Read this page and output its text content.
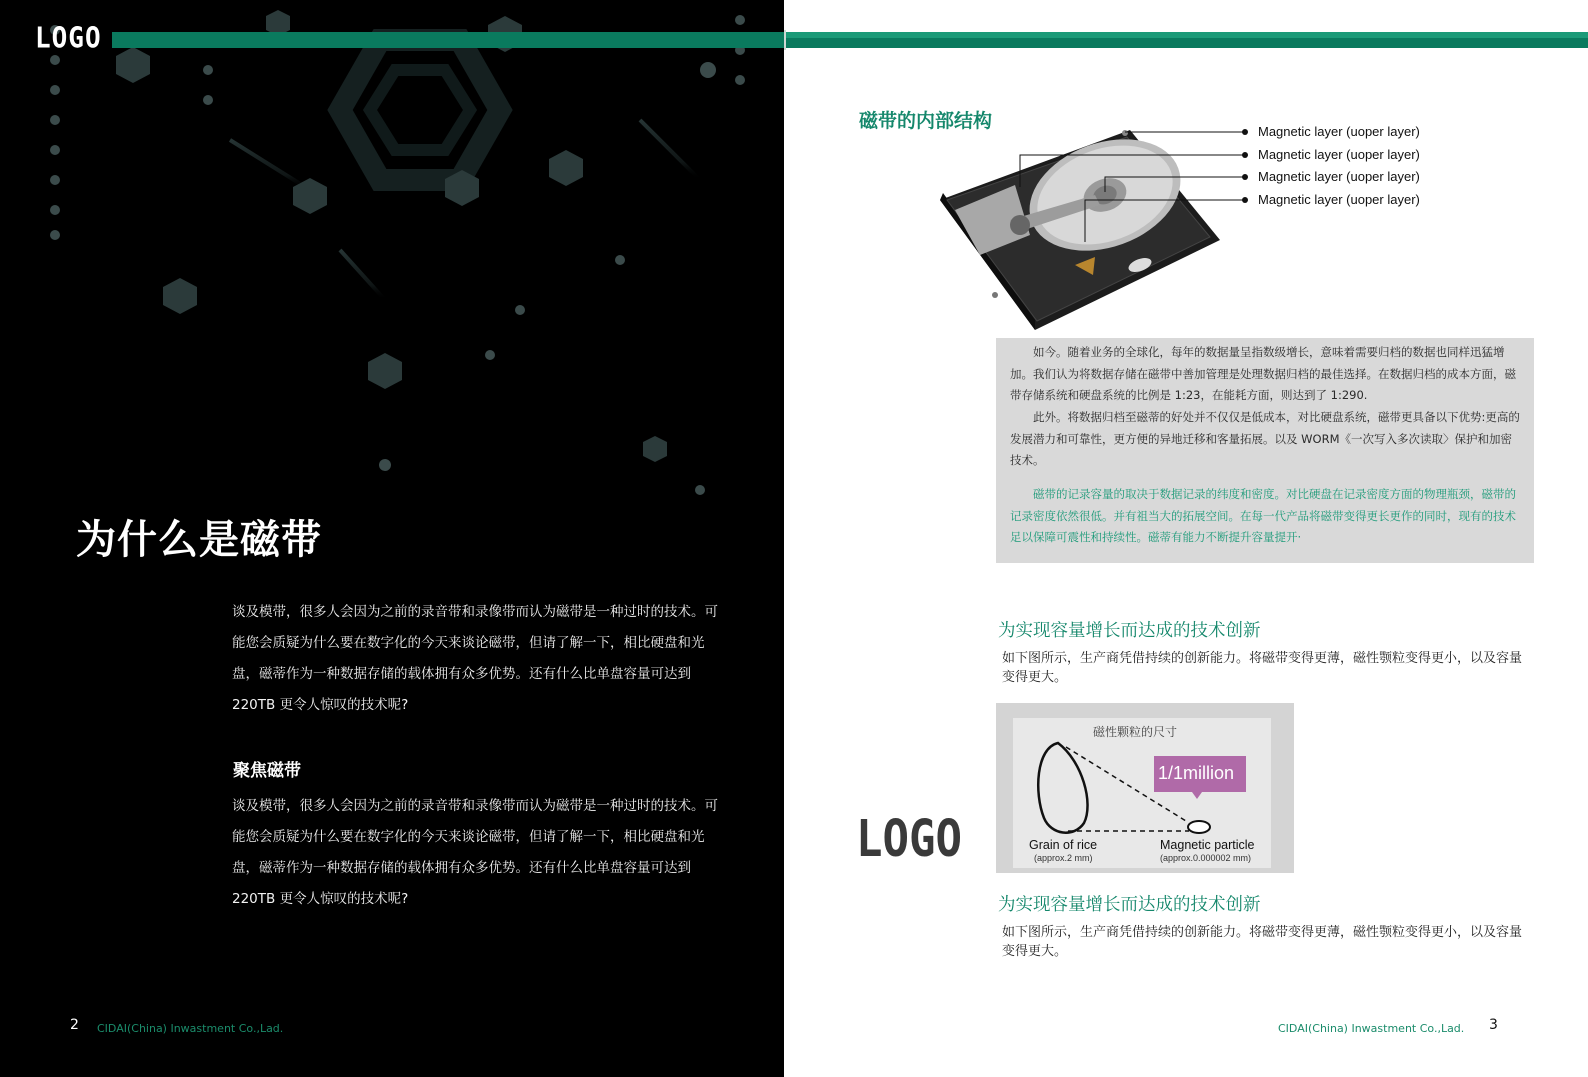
LOGO
为什么是磁带
谈及模带，很多人会因为之前的录音带和录像带而认为磁带是一种过时的技术。可能您会质疑为什么要在数字化的今天来谈论磁带，但请了解一下，相比硬盘和光盘，磁蒂作为一种数据存储的载体拥有众多优势。还有什么比单盘容量可达到 220TB 更令人惊叹的技术呢?
聚焦磁带
谈及模带，很多人会因为之前的录音带和录像带而认为磁带是一种过时的技术。可能您会质疑为什么要在数字化的今天来谈论磁带，但请了解一下，相比硬盘和光盘，磁蒂作为一种数据存储的载体拥有众多优势。还有什么比单盘容量可达到 220TB 更令人惊叹的技术呢?
2 CIDAI(China) Inwastment Co.,Lad.
磁带的内部结构	Magnetic layer (uoper layer)
Magnetic layer (uoper layer)
Magnetic layer (uoper layer)
Magnetic layer (uoper layer)
如今。随着业务的全球化，每年的数据量呈指数级增长，意味着需要归档的数据也同样迅猛增加。我们认为将数据存储在磁带中善加管理是处理数据归档的最佳选择。在数据归档的成本方面，磁带存储系统和硬盘系统的比例是 1:23，在能耗方面，则达到了 1:290.
此外。将数据归档至磁蒂的好处并不仅仅是低成本，对比硬盘系统，磁带更具备以下优势:更高的发展潜力和可靠性，更方便的异地迁移和客量拓展。以及 WORM《一次写入多次读取〉保护和加密技术。
磁带的记录容量的取决于数据记录的纬度和密度。对比硬盘在记录密度方面的物理瓶颈，磁带的记录密度依然很低。并有祖当大的拓展空间。在每一代产品将磁带变得更长更作的同时，现有的技术足以保障可震性和持续性。磁蒂有能力不断提升容量提开·
为实现容量增长而达成的技术创新
如下图所示，生产商凭借持续的创新能力。将磁带变得更薄，磁性颚粒变得更小，以及容量变得更大。
磁性颗粒的尺寸
1/1million
Grain of rice
(approx.2 mm)
Magnetic particle
(approx.0.000002 mm)
LOGO
为实现容量增长而达成的技术创新
如下图所示，生产商凭借持续的创新能力。将磁带变得更薄，磁性颚粒变得更小，以及容量变得更大。
CIDAI(China) Inwastment Co.,Lad. 3
